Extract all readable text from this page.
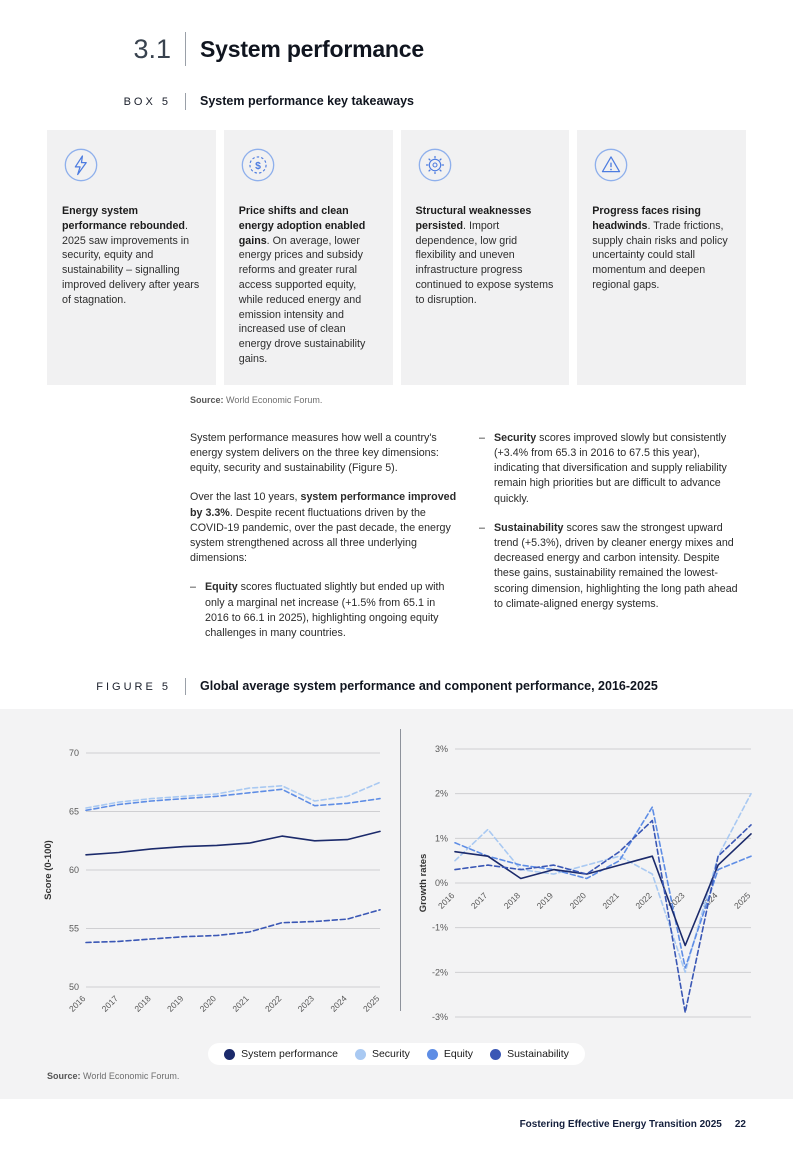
3.1	System performance
BOX 5	System performance key takeaways

Energy system performance rebounded. 2025 saw improvements in security, equity and sustainability – signalling improved delivery after years of stagnation.

$

Price shifts and clean energy adoption enabled gains. On average, lower energy prices and subsidy reforms and greater rural access supported equity, while reduced energy and emission intensity and increased use of clean energy drove sustainability gains.

Structural weaknesses persisted. Import dependence, low grid flexibility and uneven infrastructure progress continued to expose systems to disruption.

Progress faces rising headwinds. Trade frictions, supply chain risks and policy uncertainty could stall momentum and deepen regional gaps.

Source: World Economic Forum.

System performance measures how well a country's energy system delivers on the three key dimensions: equity, security and sustainability (Figure 5).

Over the last 10 years, system performance improved by 3.3%. Despite recent fluctuations driven by the COVID-19 pandemic, over the past decade, the energy system strengthened across all three underlying dimensions:

– Equity scores fluctuated slightly but ended up with only a marginal net increase (+1.5% from 65.1 in 2016 to 66.1 in 2025), highlighting ongoing equity challenges in many countries.
– Security scores improved slowly but consistently (+3.4% from 65.3 in 2016 to 67.5 this year), indicating that diversification and supply reliability remain high priorities but are difficult to advance quickly.
– Sustainability scores saw the strongest upward trend (+5.3%), driven by cleaner energy mixes and decreased energy and carbon intensity. Despite these gains, sustainability remained the lowest-scoring dimension, highlighting the long path ahead to climate-aligned energy systems.
FIGURE 5	Global average system performance and component performance, 2016-2025
70
65
60
55
50
2016 2017 2018 2019 2020 2021 2022 2023 2024 2025
Score (0-100)
3%
2%
1%
0%
-1%
-2%
-3%
2016 2017 2018 2019 2020 2021 2022 2023 2024 2025
Growth rates
System performance	Security	Equity	Sustainability

Source: World Economic Forum.

Fostering Effective Energy Transition 2025 22
